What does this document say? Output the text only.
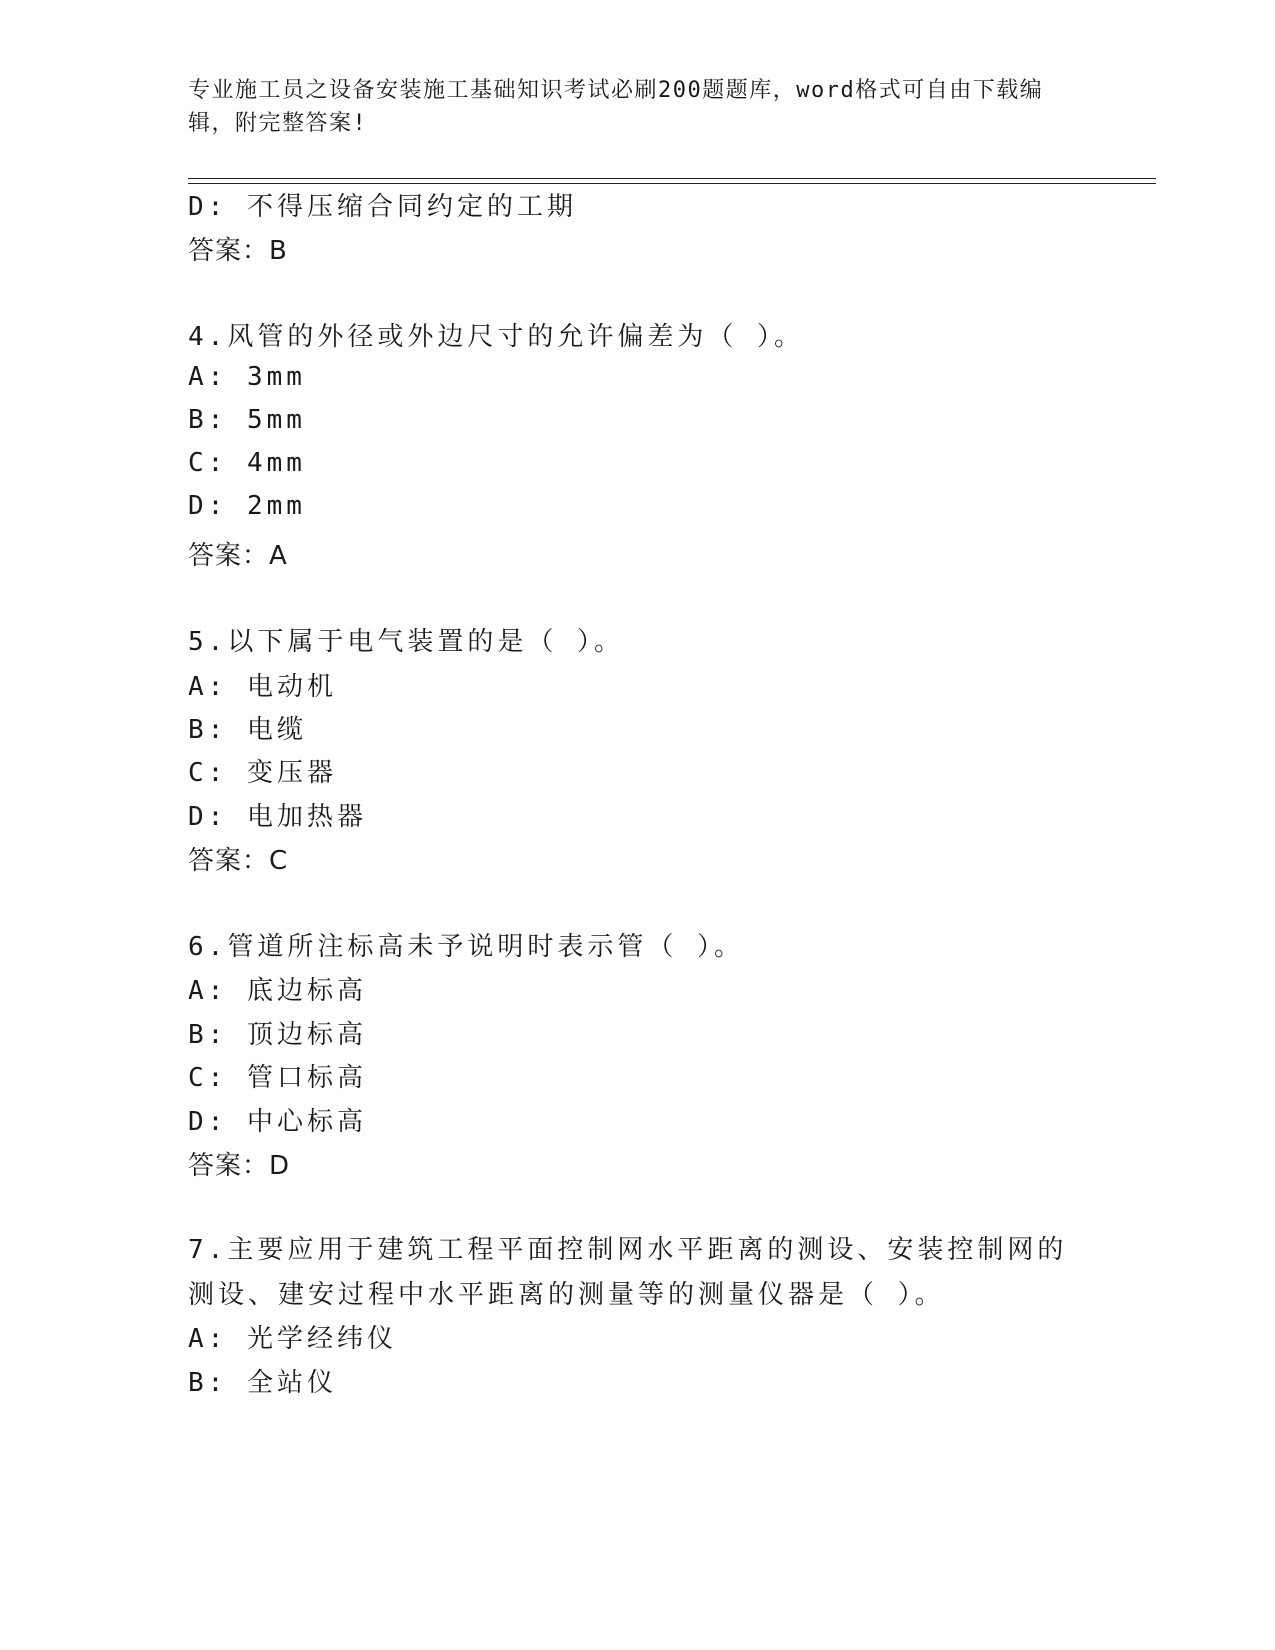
专业施工员之设备安装施工基础知识考试必刷200题题库，word格式可自由下载编辑，附完整答案!
D: 不得压缩合同约定的工期
答案：B
4.风管的外径或外边尺寸的允许偏差为（ ）。
A: 3mm
B: 5mm
C: 4mm
D: 2mm
答案：A
5.以下属于电气装置的是（ ）。
A: 电动机
B: 电缆
C: 变压器
D: 电加热器
答案：C
6.管道所注标高未予说明时表示管（ ）。
A: 底边标高
B: 顶边标高
C: 管口标高
D: 中心标高
答案：D
7.主要应用于建筑工程平面控制网水平距离的测设、安装控制网的测设、建安过程中水平距离的测量等的测量仪器是（ ）。
A: 光学经纬仪
B: 全站仪
